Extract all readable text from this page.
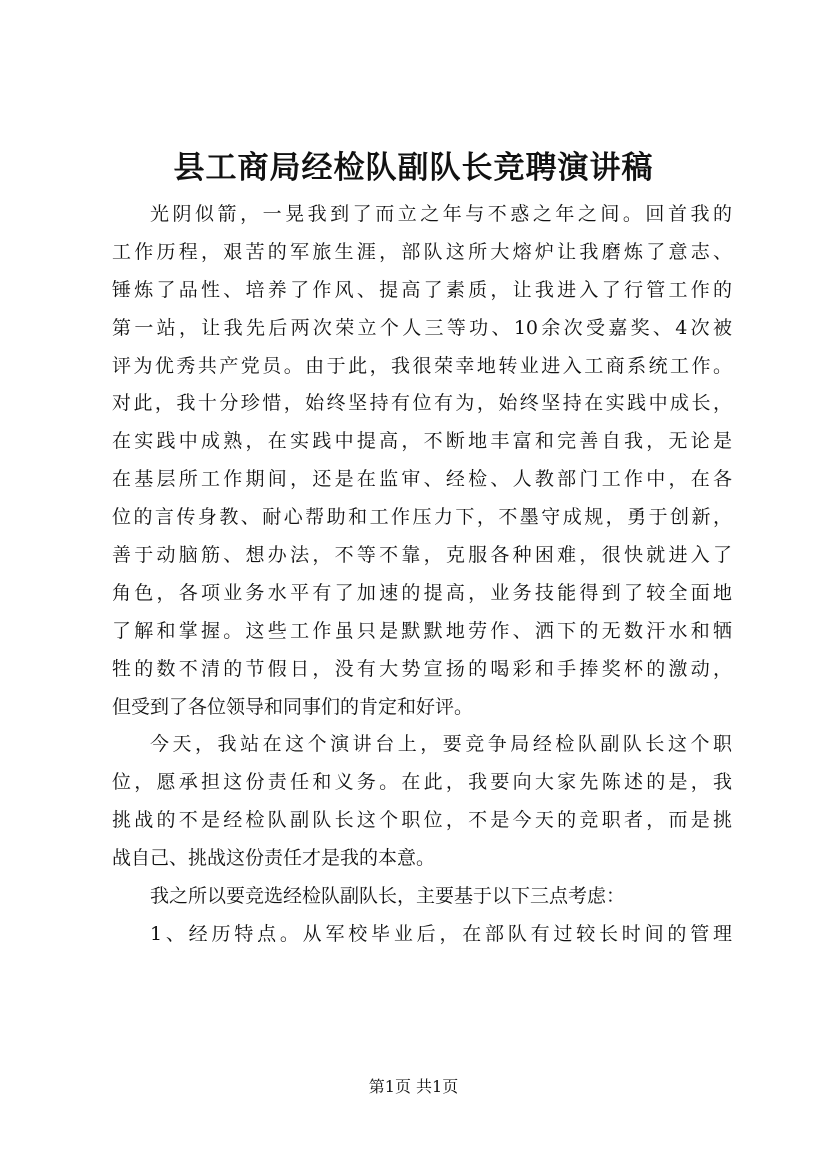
县工商局经检队副队长竞聘演讲稿
光阴似箭，一晃我到了而立之年与不惑之年之间。回首我的
工作历程，艰苦的军旅生涯，部队这所大熔炉让我磨炼了意志、
锤炼了品性、培养了作风、提高了素质，让我进入了行管工作的
第一站，让我先后两次荣立个人三等功、10余次受嘉奖、4次被
评为优秀共产党员。由于此，我很荣幸地转业进入工商系统工作。
对此，我十分珍惜，始终坚持有位有为，始终坚持在实践中成长，
在实践中成熟，在实践中提高，不断地丰富和完善自我，无论是
在基层所工作期间，还是在监审、经检、人教部门工作中，在各
位的言传身教、耐心帮助和工作压力下，不墨守成规，勇于创新，
善于动脑筋、想办法，不等不靠，克服各种困难，很快就进入了
角色，各项业务水平有了加速的提高，业务技能得到了较全面地
了解和掌握。这些工作虽只是默默地劳作、洒下的无数汗水和牺
牲的数不清的节假日，没有大势宣扬的喝彩和手捧奖杯的激动，
但受到了各位领导和同事们的肯定和好评。
今天，我站在这个演讲台上，要竞争局经检队副队长这个职
位，愿承担这份责任和义务。在此，我要向大家先陈述的是，我
挑战的不是经检队副队长这个职位，不是今天的竞职者，而是挑
战自己、挑战这份责任才是我的本意。
我之所以要竞选经检队副队长，主要基于以下三点考虑：
1、经历特点。从军校毕业后，在部队有过较长时间的管理
第1页 共1页
